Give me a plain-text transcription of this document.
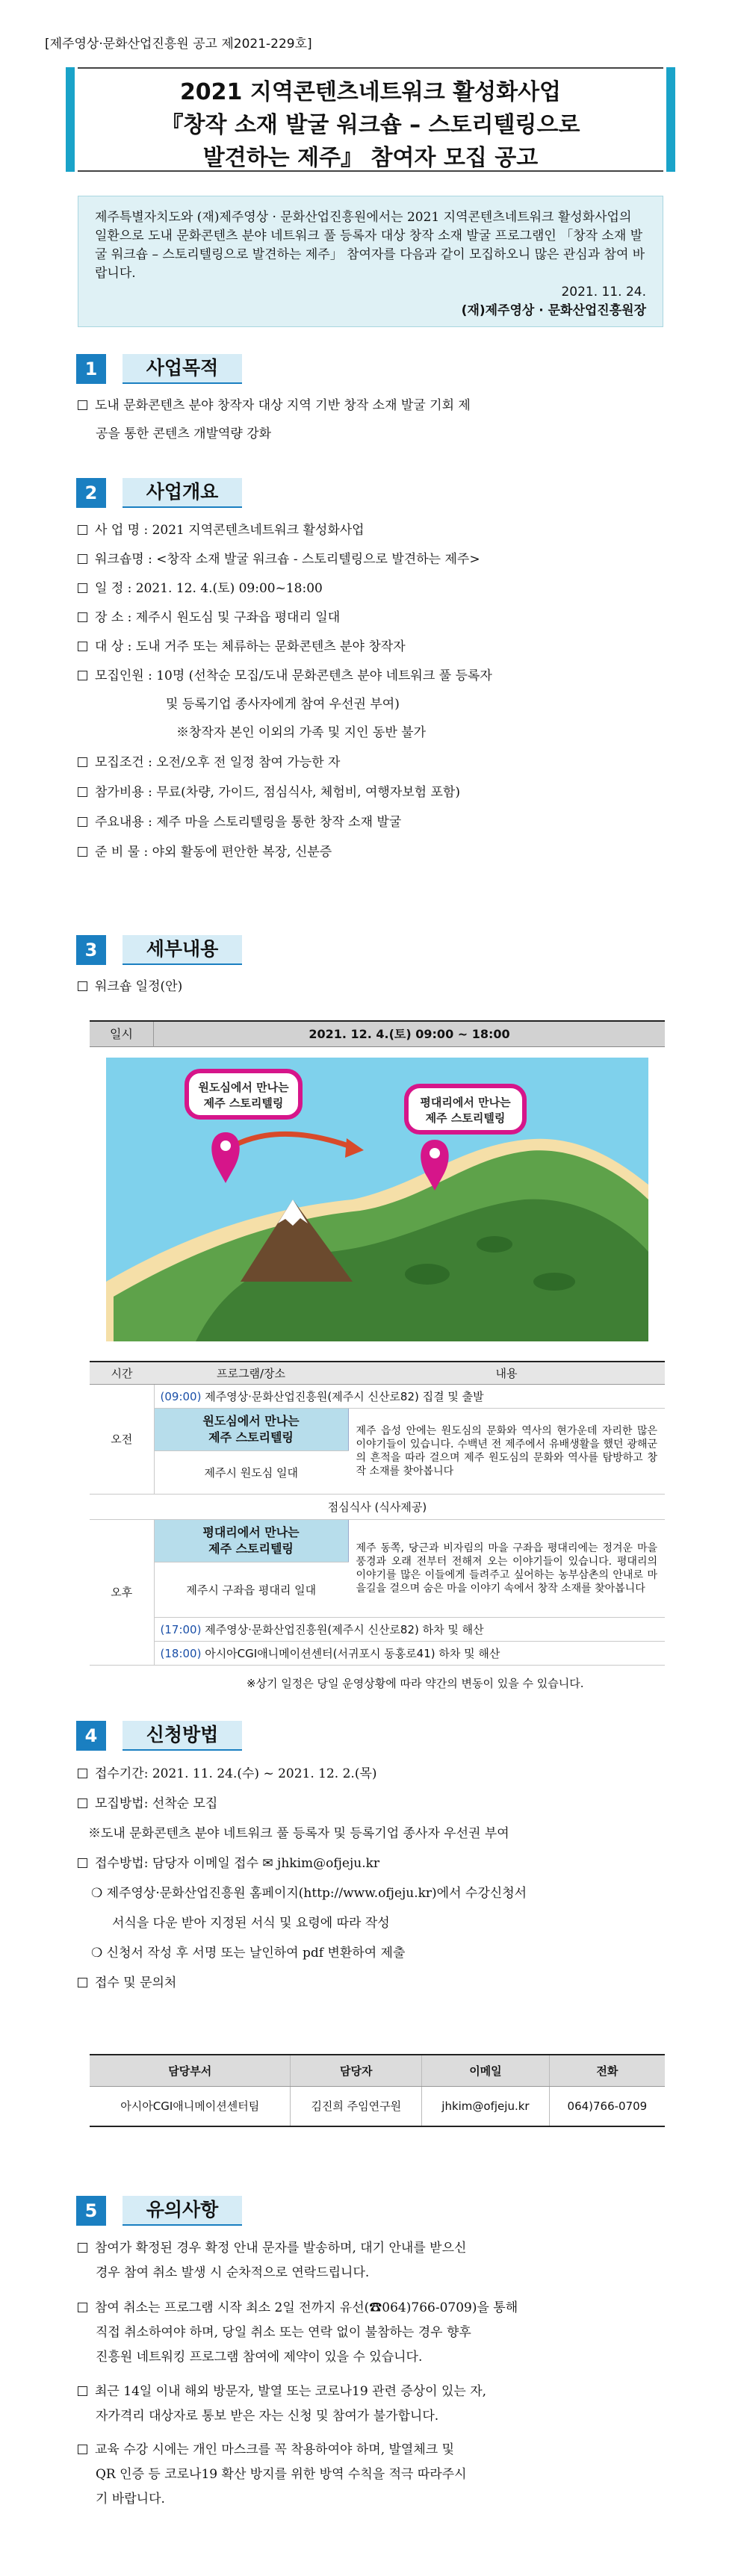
[제주영상·문화산업진흥원 공고 제2021-229호]
2021 지역콘텐츠네트워크 활성화사업
『창작 소재 발굴 워크숍 – 스토리텔링으로
발견하는 제주』 참여자 모집 공고
제주특별자치도와 (재)제주영상 · 문화산업진흥원에서는 2021 지역콘텐츠네트워크 활성화사업의 일환으로 도내 문화콘텐츠 분야 네트워크 풀 등록자 대상 창작 소재 발굴 프로그램인 「창작 소재 발굴 워크숍 – 스토리텔링으로 발견하는 제주」 참여자를 다음과 같이 모집하오니 많은 관심과 참여 바랍니다.
2021. 11. 24.
(재)제주영상 · 문화산업진흥원장
1	사업목적
도내 문화콘텐츠 분야 창작자 대상 지역 기반 창작 소재 발굴 기회 제
공을 통한 콘텐츠 개발역량 강화
2	사업개요
사 업 명 : 2021 지역콘텐츠네트워크 활성화사업
워크숍명 : <창작 소재 발굴 워크숍 - 스토리텔링으로 발견하는 제주>
일 정 : 2021. 12. 4.(토) 09:00~18:00
장 소 : 제주시 원도심 및 구좌읍 평대리 일대
대 상 : 도내 거주 또는 체류하는 문화콘텐츠 분야 창작자
모집인원 : 10명 (선착순 모집/도내 문화콘텐츠 분야 네트워크 풀 등록자
및 등록기업 종사자에게 참여 우선권 부여)
※창작자 본인 이외의 가족 및 지인 동반 불가
모집조건 : 오전/오후 전 일정 참여 가능한 자
참가비용 : 무료(차량, 가이드, 점심식사, 체험비, 여행자보험 포함)
주요내용 : 제주 마을 스토리텔링을 통한 창작 소재 발굴
준 비 물 : 야외 활동에 편안한 복장, 신분증
3	세부내용
워크숍 일정(안)
일시	2021. 12. 4.(토) 09:00 ~ 18:00
원도심에서 만나는
제주 스토리텔링	평대리에서 만나는
제주 스토리텔링
시간	프로그램/장소	내용
오전	(09:00) 제주영상·문화산업진흥원(제주시 신산로82) 집결 및 출발	

	원도심에서 만나는
제주 스토리텔링	제주 읍성 안에는 원도심의 문화와 역사의 현가운데 자리한 많은 이야기들이 있습니다. 수백년 전 제주에서 유배생활을 했던 광해군의 흔적을 따라 걸으며 제주 원도심의 문화와 역사를 탐방하고 창작 소재를 찾아봅니다
	제주시 원도심 일대	
점심식사 (식사제공)		
오후	평대리에서 만나는
제주 스토리텔링	제주 동쪽, 당근과 비자림의 마을 구좌읍 평대리에는 정겨운 마을 풍경과 오래 전부터 전해져 오는 이야기들이 있습니다. 평대리의 이야기를 많은 이들에게 들려주고 싶어하는 농부삼촌의 안내로 마을길을 걸으며 숨은 마을 이야기 속에서 창작 소재를 찾아봅니다
	제주시 구좌읍 평대리 일대	
	(17:00) 제주영상·문화산업진흥원(제주시 신산로82) 하차 및 해산	
	(18:00) 아시아CGI애니메이션센터(서귀포시 동홍로41) 하차 및 해산	
※상기 일정은 당일 운영상황에 따라 약간의 변동이 있을 수 있습니다.
4	신청방법
접수기간: 2021. 11. 24.(수) ~ 2021. 12. 2.(목)
모집방법: 선착순 모집
※도내 문화콘텐츠 분야 네트워크 풀 등록자 및 등록기업 종사자 우선권 부여
접수방법: 담당자 이메일 접수 ✉ jhkim@ofjeju.kr
❍ 제주영상·문화산업진흥원 홈페이지(http://www.ofjeju.kr)에서 수강신청서
서식을 다운 받아 지정된 서식 및 요령에 따라 작성
❍ 신청서 작성 후 서명 또는 날인하여 pdf 변환하여 제출
접수 및 문의처
담당부서	담당자	이메일	전화
아시아CGI애니메이션센터팀	김진희 주임연구원	jhkim@ofjeju.kr	064)766-0709
5	유의사항
참여가 확정된 경우 확정 안내 문자를 발송하며, 대기 안내를 받으신
경우 참여 취소 발생 시 순차적으로 연락드립니다.
참여 취소는 프로그램 시작 최소 2일 전까지 유선(☎064)766-0709)을 통해
직접 취소하여야 하며, 당일 취소 또는 연락 없이 불참하는 경우 향후
진흥원 네트워킹 프로그램 참여에 제약이 있을 수 있습니다.
최근 14일 이내 해외 방문자, 발열 또는 코로나19 관련 증상이 있는 자,
자가격리 대상자로 통보 받은 자는 신청 및 참여가 불가합니다.
교육 수강 시에는 개인 마스크를 꼭 착용하여야 하며, 발열체크 및
QR 인증 등 코로나19 확산 방지를 위한 방역 수칙을 적극 따라주시
기 바랍니다.
